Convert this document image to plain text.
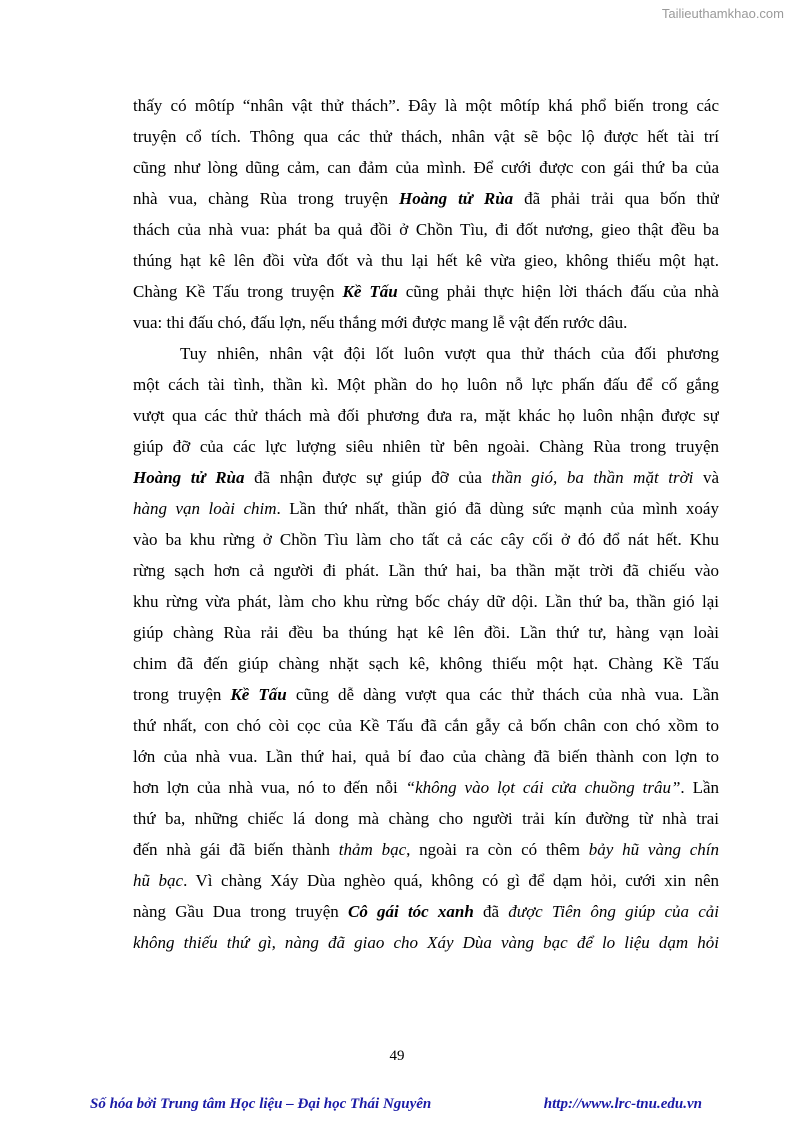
Tailieuthamkhao.com
thấy có môtíp “nhân vật thử thách”. Đây là một môtíp khá phổ biến trong các
truyện cổ tích. Thông qua các thử thách, nhân vật sẽ bộc lộ được hết tài trí
cũng như lòng dũng cảm, can đảm của mình. Để cưới được con gái thứ ba của
nhà vua, chàng Rùa trong truyện Hoàng tử Rùa đã phải trải qua bốn thử
thách của nhà vua: phát ba quả đồi ở Chồn Tìu, đi đốt nương, gieo thật đều ba
thúng hạt kê lên đồi vừa đốt và thu lại hết kê vừa gieo, không thiếu một hạt.
Chàng Kề Tấu trong truyện Kề Tấu cũng phải thực hiện lời thách đấu của nhà
vua: thi đấu chó, đấu lợn, nếu thắng mới được mang lễ vật đến rước dâu.
Tuy nhiên, nhân vật đội lốt luôn vượt qua thử thách của đối phương
một cách tài tình, thần kì. Một phần do họ luôn nỗ lực phấn đấu để cố gắng
vượt qua các thử thách mà đối phương đưa ra, mặt khác họ luôn nhận được sự
giúp đỡ của các lực lượng siêu nhiên từ bên ngoài. Chàng Rùa trong truyện
Hoàng tử Rùa đã nhận được sự giúp đỡ của thần gió, ba thần mặt trời và
hàng vạn loài chim. Lần thứ nhất, thần gió đã dùng sức mạnh của mình xoáy
vào ba khu rừng ở Chồn Tìu làm cho tất cả các cây cối ở đó đổ nát hết. Khu
rừng sạch hơn cả người đi phát. Lần thứ hai, ba thần mặt trời đã chiếu vào
khu rừng vừa phát, làm cho khu rừng bốc cháy dữ dội. Lần thứ ba, thần gió lại
giúp chàng Rùa rải đều ba thúng hạt kê lên đồi. Lần thứ tư, hàng vạn loài
chim đã đến giúp chàng nhặt sạch kê, không thiếu một hạt. Chàng Kề Tấu
trong truyện Kề Tấu cũng dễ dàng vượt qua các thử thách của nhà vua. Lần
thứ nhất, con chó còi cọc của Kề Tấu đã cắn gẫy cả bốn chân con chó xồm to
lớn của nhà vua. Lần thứ hai, quả bí đao của chàng đã biến thành con lợn to
hơn lợn của nhà vua, nó to đến nỗi “không vào lọt cái cửa chuồng trâu”. Lần
thứ ba, những chiếc lá dong mà chàng cho người trải kín đường từ nhà trai
đến nhà gái đã biến thành thảm bạc, ngoài ra còn có thêm bảy hũ vàng chín
hũ bạc. Vì chàng Xáy Dùa nghèo quá, không có gì để dạm hỏi, cưới xin nên
nàng Gầu Dua trong truyện Cô gái tóc xanh đã được Tiên ông giúp của cải
không thiếu thứ gì, nàng đã giao cho Xáy Dùa vàng bạc để lo liệu dạm hỏi
49
Số hóa bởi Trung tâm Học liệu – Đại học Thái Nguyên	http://www.lrc-tnu.edu.vn
